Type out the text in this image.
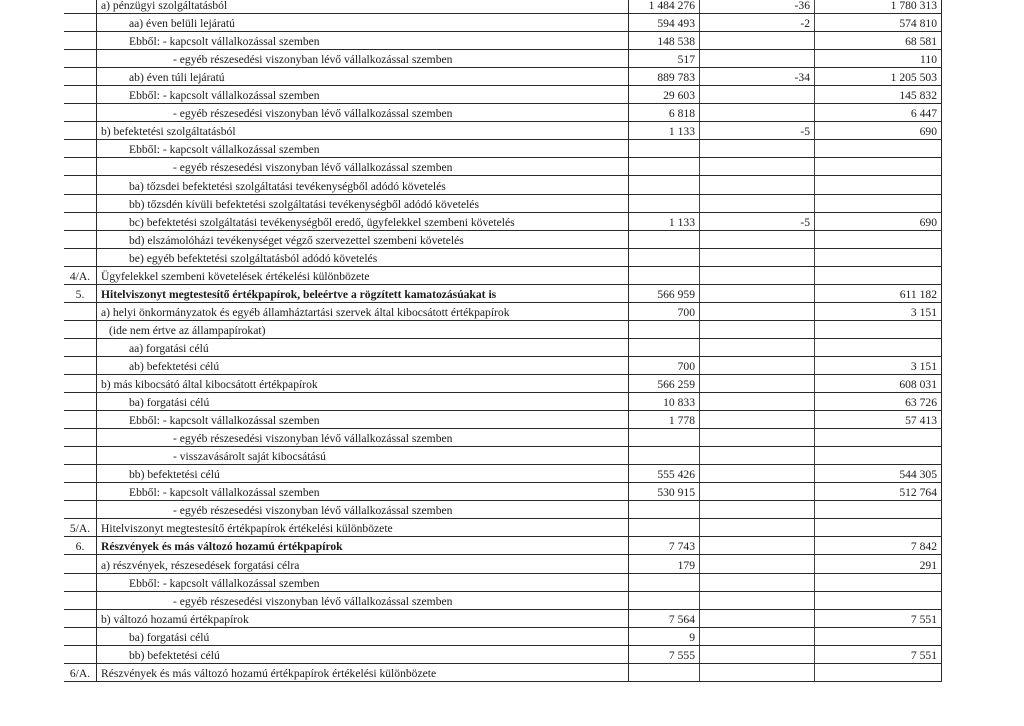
	a) pénzügyi szolgáltatásból	1 484 276	-36	1 780 313
	aa) éven belüli lejáratú	594 493	-2	574 810
	Ebből: - kapcsolt vállalkozással szemben	148 538		68 581
	- egyéb részesedési viszonyban lévő vállalkozással szemben	517		110
	ab) éven túli lejáratú	889 783	-34	1 205 503
	Ebből: - kapcsolt vállalkozással szemben	29 603		145 832
	- egyéb részesedési viszonyban lévő vállalkozással szemben	6 818		6 447
	b) befektetési szolgáltatásból	1 133	-5	690
	Ebből: - kapcsolt vállalkozással szemben			
	- egyéb részesedési viszonyban lévő vállalkozással szemben			
	ba) tőzsdei befektetési szolgáltatási tevékenységből adódó követelés			
	bb) tőzsdén kívüli befektetési szolgáltatási tevékenységből adódó követelés			
	bc) befektetési szolgáltatási tevékenységből eredő, ügyfelekkel szembeni követelés	1 133	-5	690
	bd) elszámolóházi tevékenységet végző szervezettel szembeni követelés			
	be) egyéb befektetési szolgáltatásból adódó követelés			
4/A.	Ügyfelekkel szembeni követelések értékelési különbözete			
5.	Hitelviszonyt megtestesítő értékpapírok, beleértve a rögzített kamatozásúakat is	566 959		611 182
	a) helyi önkormányzatok és egyéb államháztartási szervek által kibocsátott értékpapírok	700		3 151
	(ide nem értve az állampapírokat)			
	aa) forgatási célú			
	ab) befektetési célú	700		3 151
	b) más kibocsátó által kibocsátott értékpapírok	566 259		608 031
	ba) forgatási célú	10 833		63 726
	Ebből: - kapcsolt vállalkozással szemben	1 778		57 413
	- egyéb részesedési viszonyban lévő vállalkozással szemben			
	- visszavásárolt saját kibocsátású			
	bb) befektetési célú	555 426		544 305
	Ebből: - kapcsolt vállalkozással szemben	530 915		512 764
	- egyéb részesedési viszonyban lévő vállalkozással szemben			
5/A.	Hitelviszonyt megtestesítő értékpapírok értékelési különbözete			
6.	Részvények és más változó hozamú értékpapírok	7 743		7 842
	a) részvények, részesedések forgatási célra	179		291
	Ebből: - kapcsolt vállalkozással szemben			
	- egyéb részesedési viszonyban lévő vállalkozással szemben			
	b) változó hozamú értékpapírok	7 564		7 551
	ba) forgatási célú	9		
	bb) befektetési célú	7 555		7 551
6/A.	Részvények és más változó hozamú értékpapírok értékelési különbözete			
